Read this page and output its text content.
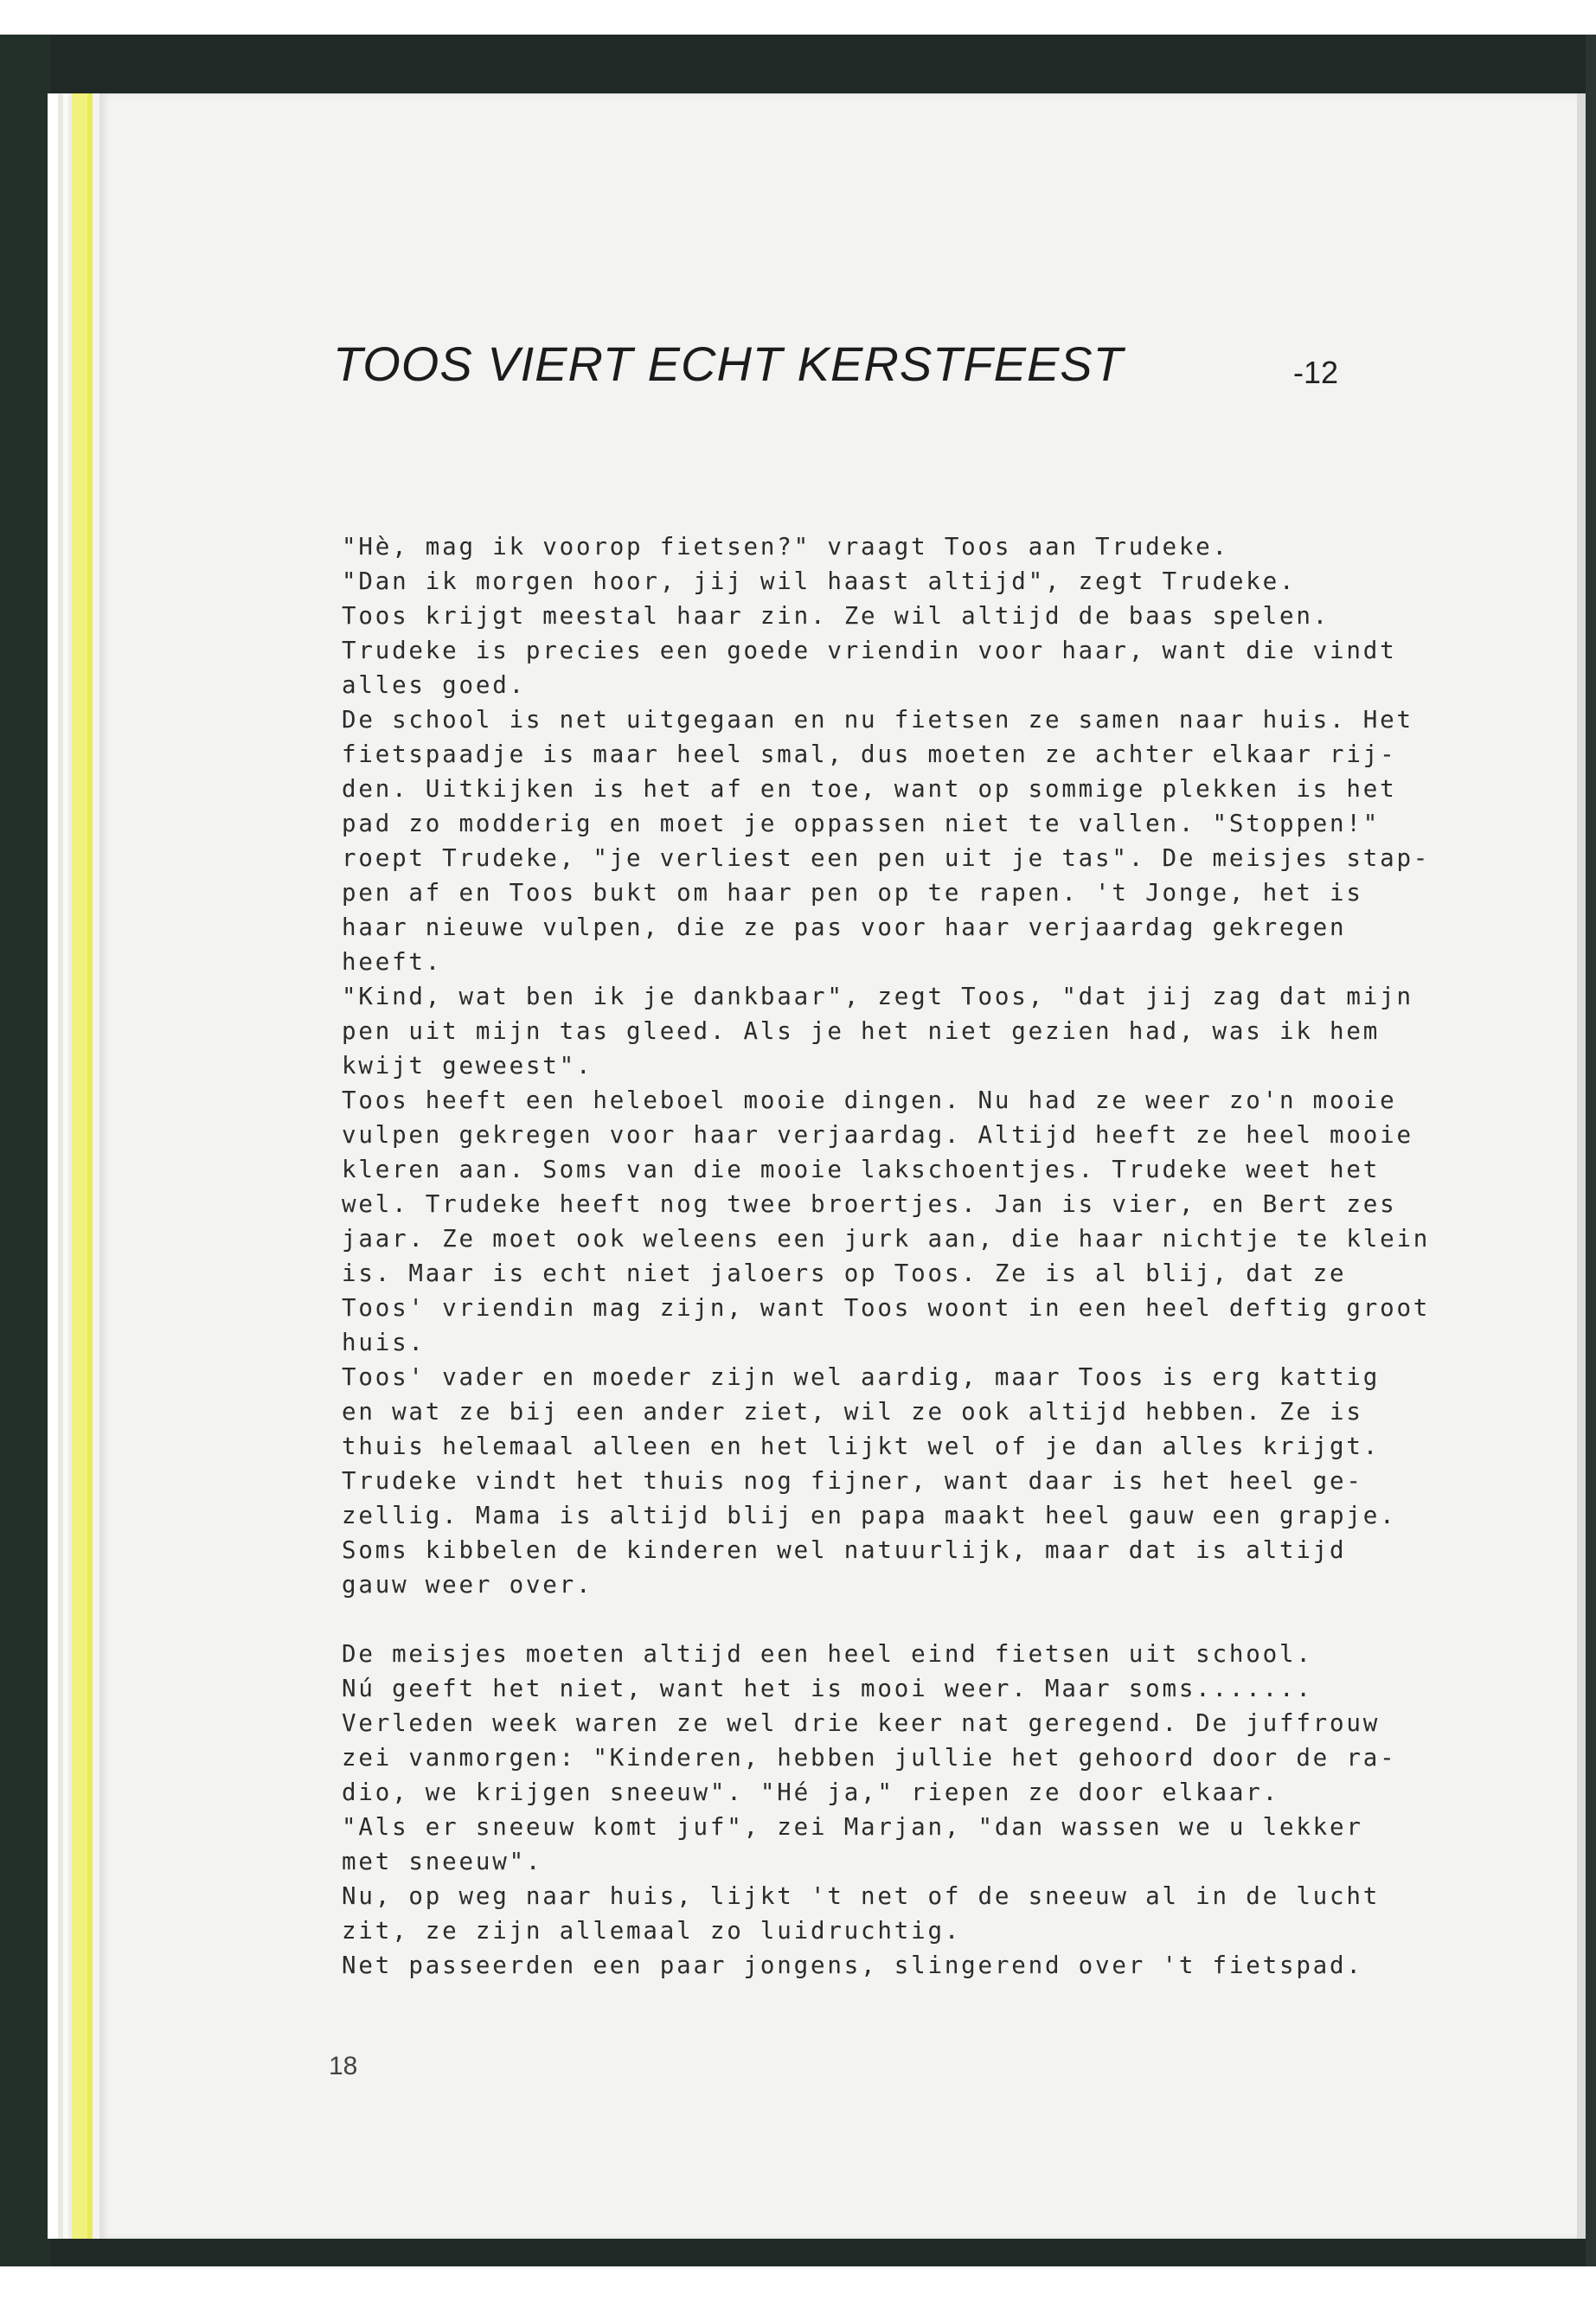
TOOS VIERT ECHT KERSTFEEST	-12
"Hè, mag ik voorop fietsen?" vraagt Toos aan Trudeke.
"Dan ik morgen hoor, jij wil haast altijd", zegt Trudeke.
Toos krijgt meestal haar zin. Ze wil altijd de baas spelen.
Trudeke is precies een goede vriendin voor haar, want die vindt
alles goed.
De school is net uitgegaan en nu fietsen ze samen naar huis. Het
fietspaadje is maar heel smal, dus moeten ze achter elkaar rij-
den. Uitkijken is het af en toe, want op sommige plekken is het
pad zo modderig en moet je oppassen niet te vallen. "Stoppen!"
roept Trudeke, "je verliest een pen uit je tas". De meisjes stap-
pen af en Toos bukt om haar pen op te rapen. 't Jonge, het is
haar nieuwe vulpen, die ze pas voor haar verjaardag gekregen
heeft.
"Kind, wat ben ik je dankbaar", zegt Toos, "dat jij zag dat mijn
pen uit mijn tas gleed. Als je het niet gezien had, was ik hem
kwijt geweest".
Toos heeft een heleboel mooie dingen. Nu had ze weer zo'n mooie
vulpen gekregen voor haar verjaardag. Altijd heeft ze heel mooie
kleren aan. Soms van die mooie lakschoentjes. Trudeke weet het
wel. Trudeke heeft nog twee broertjes. Jan is vier, en Bert zes
jaar. Ze moet ook weleens een jurk aan, die haar nichtje te klein
is. Maar is echt niet jaloers op Toos. Ze is al blij, dat ze
Toos' vriendin mag zijn, want Toos woont in een heel deftig groot
huis.
Toos' vader en moeder zijn wel aardig, maar Toos is erg kattig
en wat ze bij een ander ziet, wil ze ook altijd hebben. Ze is
thuis helemaal alleen en het lijkt wel of je dan alles krijgt.
Trudeke vindt het thuis nog fijner, want daar is het heel ge-
zellig. Mama is altijd blij en papa maakt heel gauw een grapje.
Soms kibbelen de kinderen wel natuurlijk, maar dat is altijd
gauw weer over.
De meisjes moeten altijd een heel eind fietsen uit school.
Nú geeft het niet, want het is mooi weer. Maar soms.......
Verleden week waren ze wel drie keer nat geregend. De juffrouw
zei vanmorgen: "Kinderen, hebben jullie het gehoord door de ra-
dio, we krijgen sneeuw". "Hé ja," riepen ze door elkaar.
"Als er sneeuw komt juf", zei Marjan, "dan wassen we u lekker
met sneeuw".
Nu, op weg naar huis, lijkt 't net of de sneeuw al in de lucht
zit, ze zijn allemaal zo luidruchtig.
Net passeerden een paar jongens, slingerend over 't fietspad.
18
